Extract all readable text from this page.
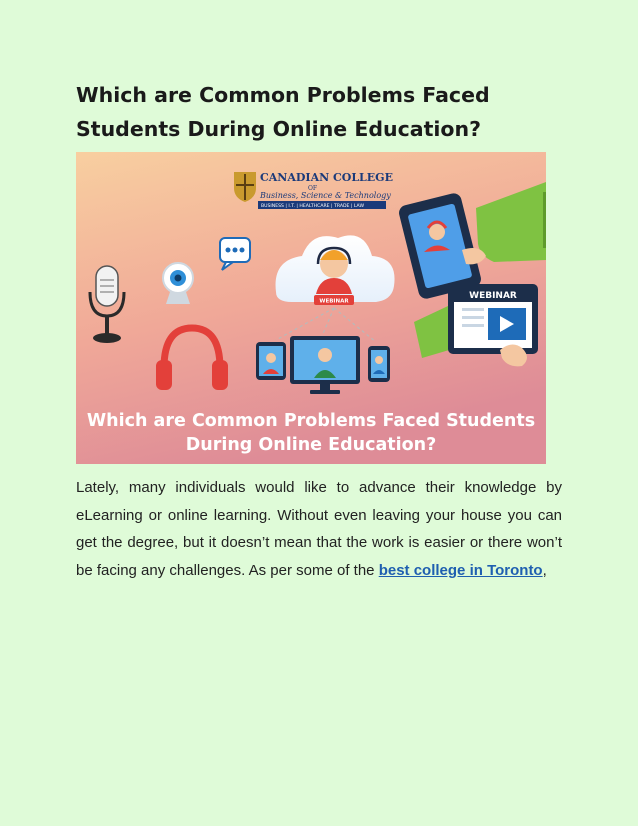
Which are Common Problems Faced
Students During Online Education?
CANADIAN COLLEGE
OF
Business, Science & Technology
BUSINESS | I.T. | HEALTHCARE | TRADE | LAW
WEBINAR
WEBINAR
Which are Common Problems Faced Students
During Online Education?

Lately, many individuals would like to advance their knowledge by eLearning or online learning. Without even leaving your house you can get the degree, but it doesn’t mean that the work is easier or there won’t be facing any challenges. As per some of the best college in Toronto,
